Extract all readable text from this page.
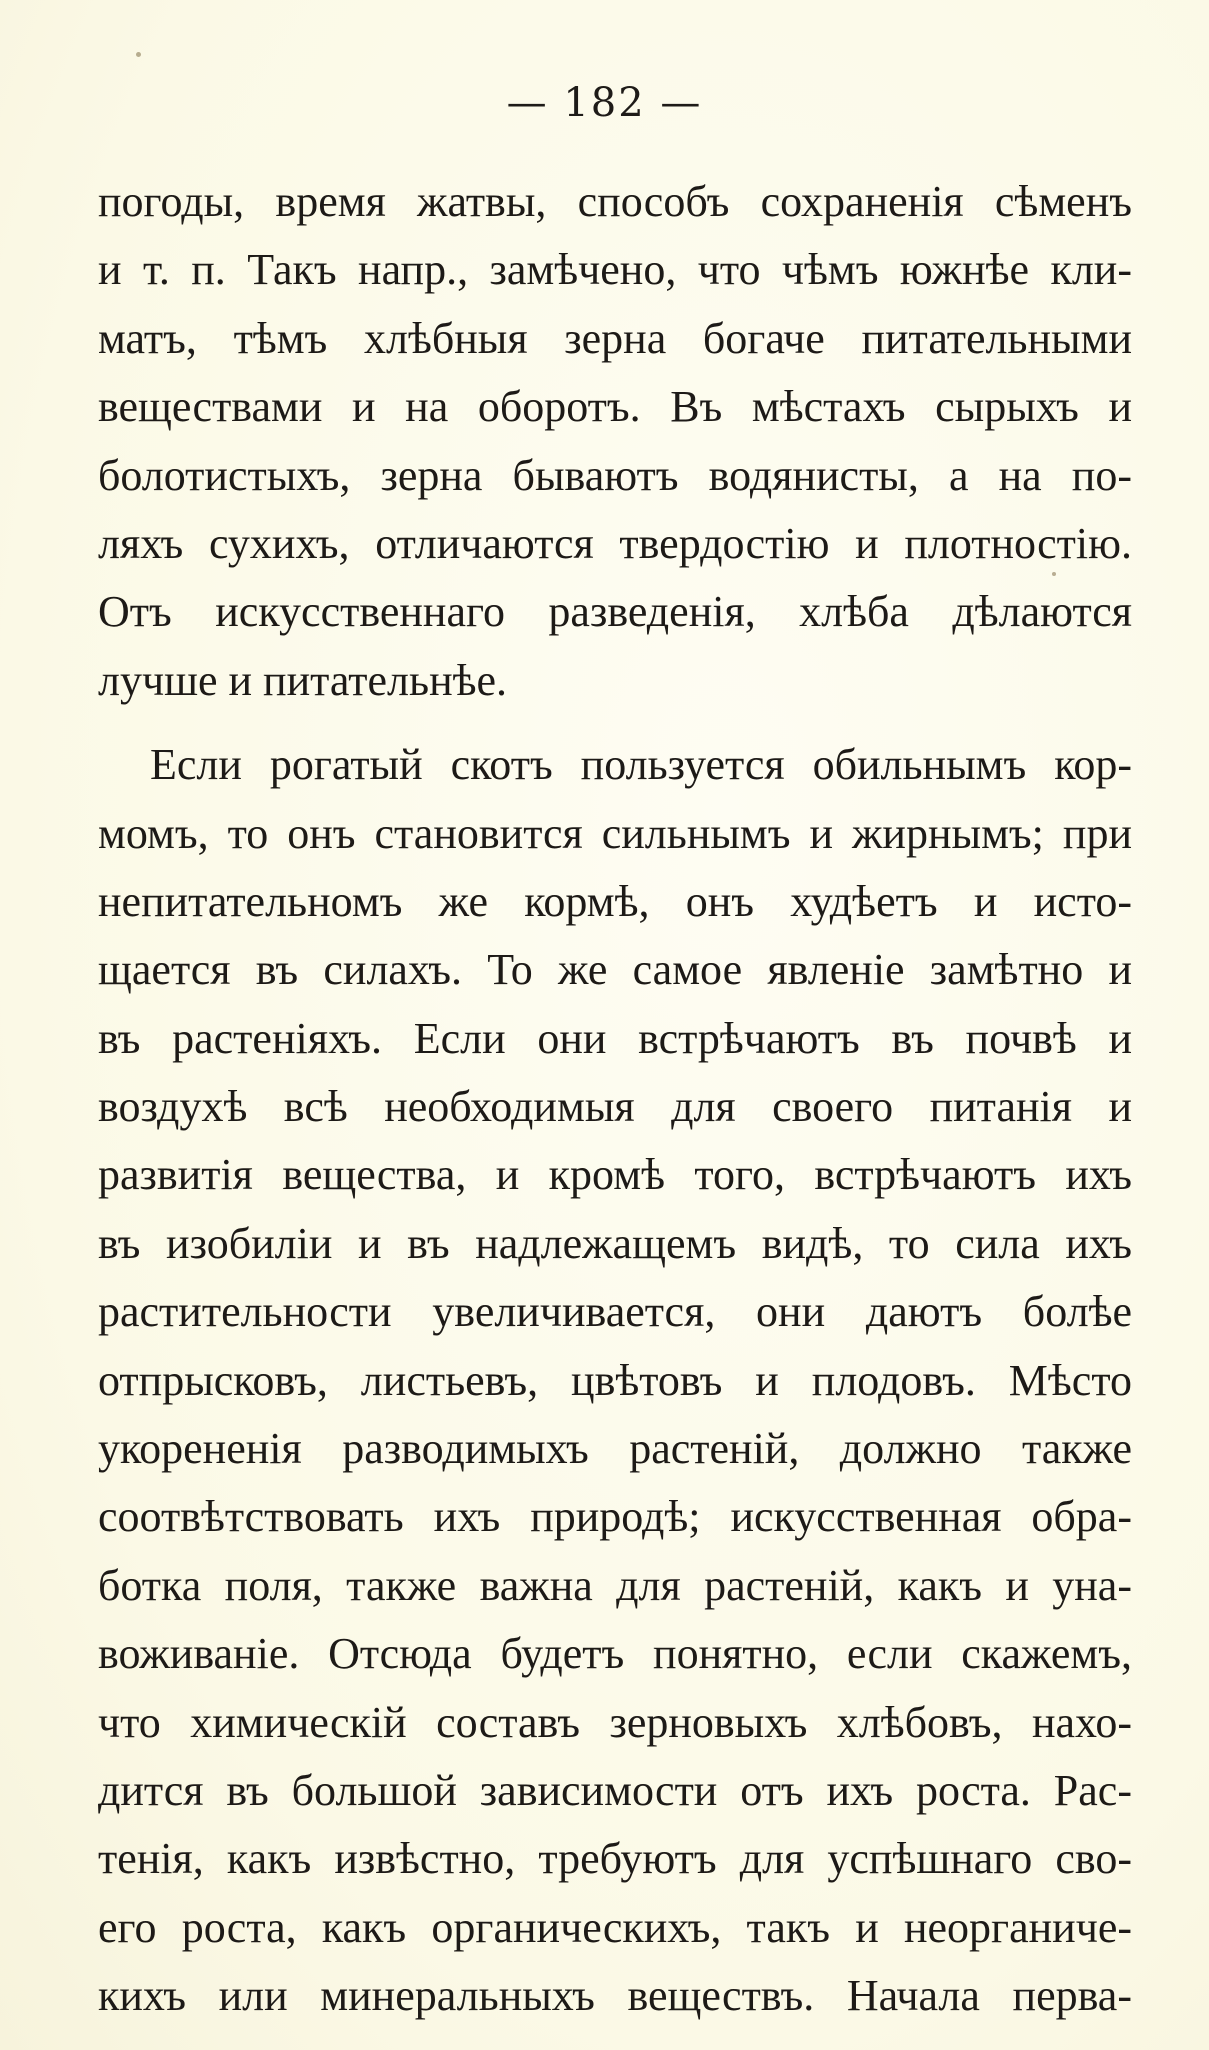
— 182 —
погоды, время жатвы, способъ сохраненія сѣменъ
и т. п. Такъ напр., замѣчено, что чѣмъ южнѣе кли-
матъ, тѣмъ хлѣбныя зерна богаче питательными
веществами и на оборотъ. Въ мѣстахъ сырыхъ и
болотистыхъ, зерна бываютъ водянисты, а на по-
ляхъ сухихъ, отличаются твердостію и плотностію.
Отъ искусственнаго разведенія, хлѣба дѣлаются
лучше и питательнѣе.
Если рогатый скотъ пользуется обильнымъ кор-
момъ, то онъ становится сильнымъ и жирнымъ; при
непитательномъ же кормѣ, онъ худѣетъ и исто-
щается въ силахъ. То же самое явленіе замѣтно и
въ растеніяхъ. Если они встрѣчаютъ въ почвѣ и
воздухѣ всѣ необходимыя для своего питанія и
развитія вещества, и кромѣ того, встрѣчаютъ ихъ
въ изобиліи и въ надлежащемъ видѣ, то сила ихъ
растительности увеличивается, они даютъ болѣе
отпрысковъ, листьевъ, цвѣтовъ и плодовъ. Мѣсто
укорененія разводимыхъ растеній, должно также
соотвѣтствовать ихъ природѣ; искусственная обра-
ботка поля, также важна для растеній, какъ и уна-
воживаніе. Отсюда будетъ понятно, если скажемъ,
что химическій составъ зерновыхъ хлѣбовъ, нахо-
дится въ большой зависимости отъ ихъ роста. Рас-
тенія, какъ извѣстно, требуютъ для успѣшнаго сво-
его роста, какъ органическихъ, такъ и неорганиче-
кихъ или минеральныхъ веществъ. Начала перва-
